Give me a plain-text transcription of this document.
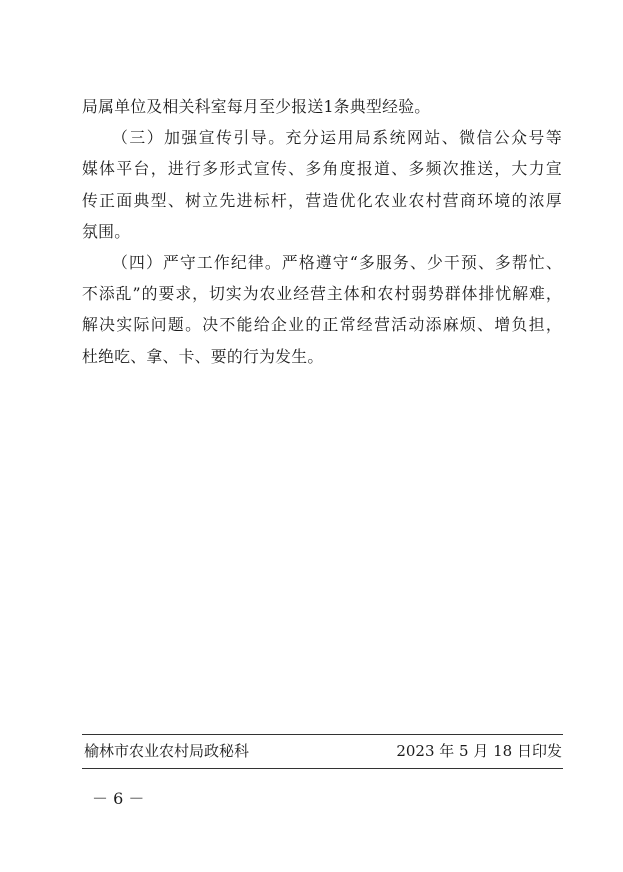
局属单位及相关科室每月至少报送1条典型经验。
（三）加强宣传引导。充分运用局系统网站、微信公众号等
媒体平台，进行多形式宣传、多角度报道、多频次推送，大力宣
传正面典型、树立先进标杆，营造优化农业农村营商环境的浓厚
氛围。
（四）严守工作纪律。严格遵守“多服务、少干预、多帮忙、
不添乱”的要求，切实为农业经营主体和农村弱势群体排忧解难，
解决实际问题。决不能给企业的正常经营活动添麻烦、增负担，
杜绝吃、拿、卡、要的行为发生。
榆林市农业农村局政秘科	2023 年 5 月 18 日印发
－ 6 －
